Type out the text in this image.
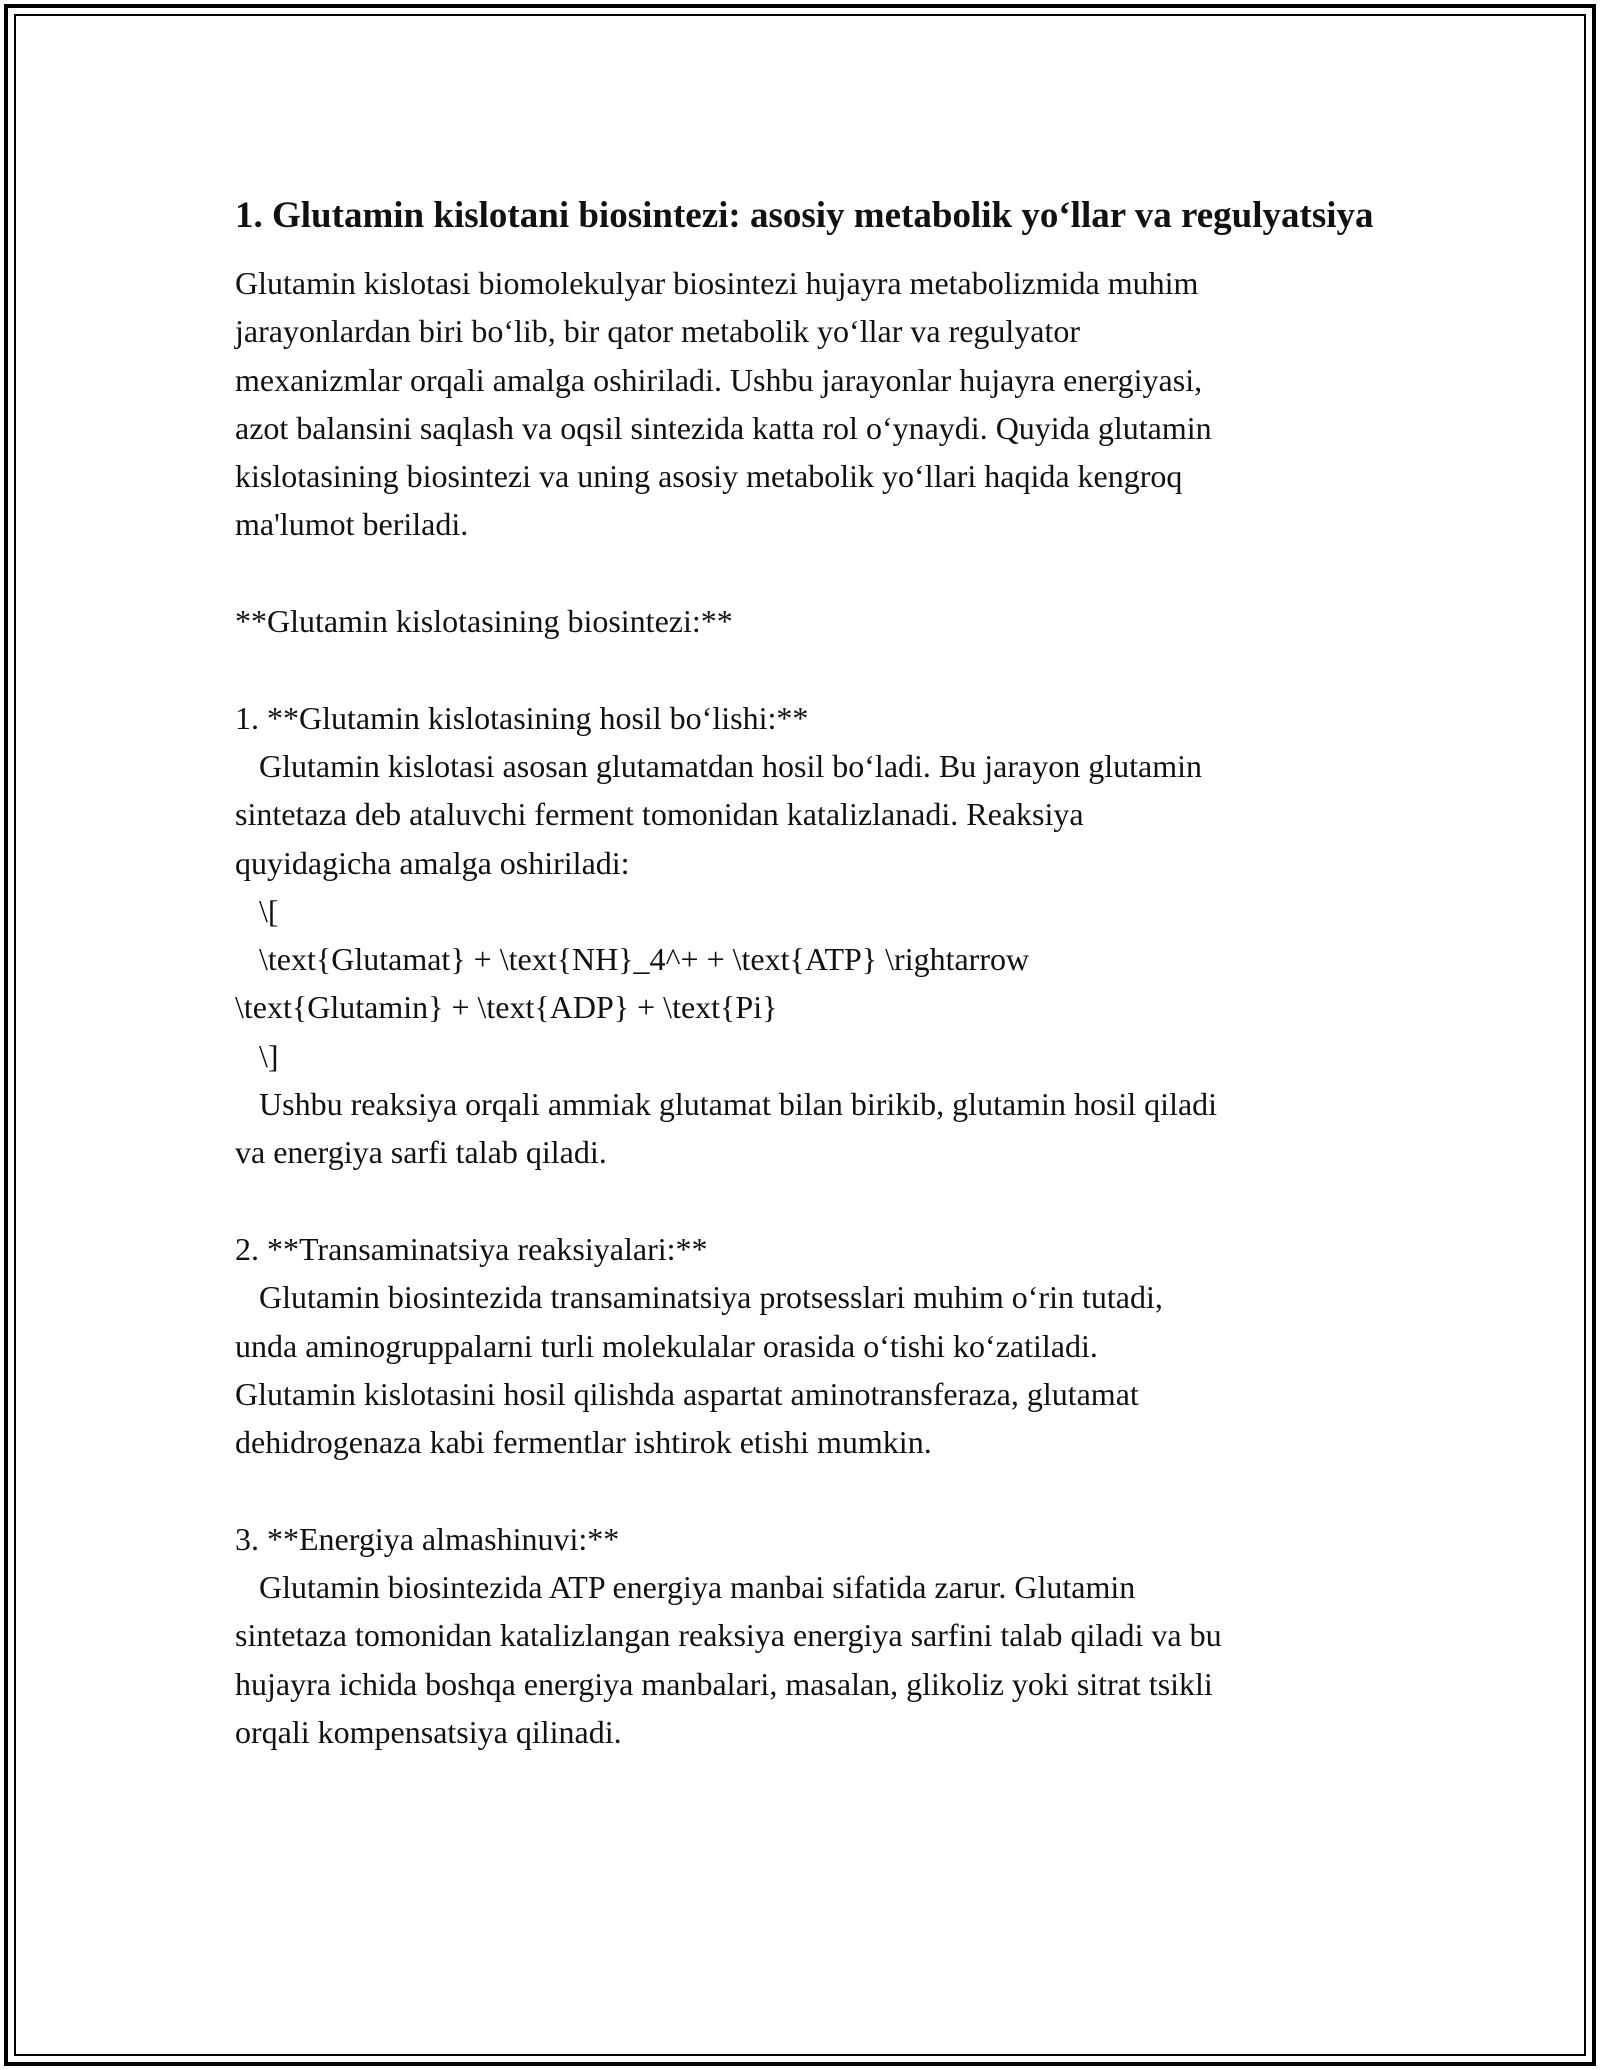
1. Glutamin kislotani biosintezi: asosiy metabolik yo‘llar va regulyatsiya

Glutamin kislotasi biomolekulyar biosintezi hujayra metabolizmida muhim
jarayonlardan biri bo‘lib, bir qator metabolik yo‘llar va regulyator
mexanizmlar orqali amalga oshiriladi. Ushbu jarayonlar hujayra energiyasi,
azot balansini saqlash va oqsil sintezida katta rol o‘ynaydi. Quyida glutamin
kislotasining biosintezi va uning asosiy metabolik yo‘llari haqida kengroq
ma'lumot beriladi.

**Glutamin kislotasining biosintezi:**

1. **Glutamin kislotasining hosil bo‘lishi:**
Glutamin kislotasi asosan glutamatdan hosil bo‘ladi. Bu jarayon glutamin
sintetaza deb ataluvchi ferment tomonidan katalizlanadi. Reaksiya
quyidagicha amalga oshiriladi:
\[
\text{Glutamat} + \text{NH}_4^+ + \text{ATP} \rightarrow
\text{Glutamin} + \text{ADP} + \text{Pi}
\]
Ushbu reaksiya orqali ammiak glutamat bilan birikib, glutamin hosil qiladi
va energiya sarfi talab qiladi.

2. **Transaminatsiya reaksiyalari:**
Glutamin biosintezida transaminatsiya protsesslari muhim o‘rin tutadi,
unda aminogruppalarni turli molekulalar orasida o‘tishi ko‘zatiladi.
Glutamin kislotasini hosil qilishda aspartat aminotransferaza, glutamat
dehidrogenaza kabi fermentlar ishtirok etishi mumkin.

3. **Energiya almashinuvi:**
Glutamin biosintezida ATP energiya manbai sifatida zarur. Glutamin
sintetaza tomonidan katalizlangan reaksiya energiya sarfini talab qiladi va bu
hujayra ichida boshqa energiya manbalari, masalan, glikoliz yoki sitrat tsikli
orqali kompensatsiya qilinadi.
